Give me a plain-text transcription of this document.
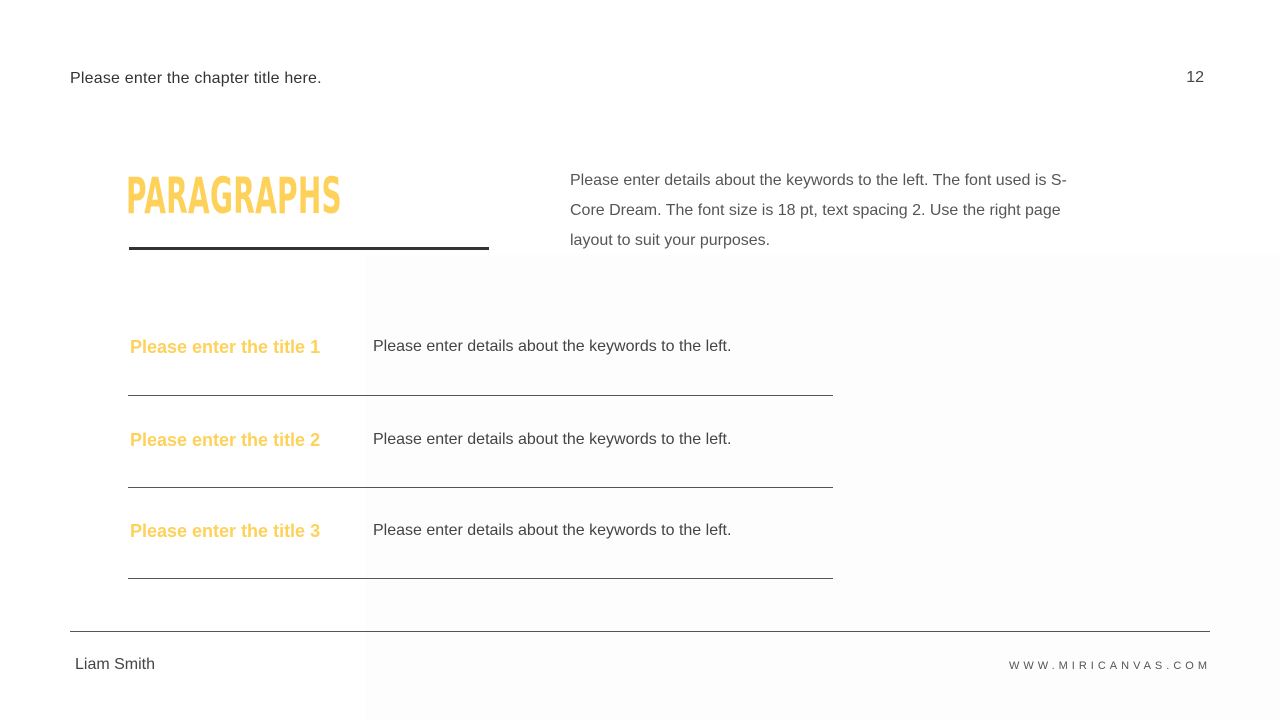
Please enter the chapter title here.	12
PARAGRAPHS	Please enter details about the keywords to the left. The font used is S-Core Dream. The font size is 18 pt, text spacing 2. Use the right page layout to suit your purposes.
Please enter the title 1	Please enter details about the keywords to the left.
Please enter the title 2	Please enter details about the keywords to the left.
Please enter the title 3	Please enter details about the keywords to the left.
Liam Smith	WWW.MIRICANVAS.COM
